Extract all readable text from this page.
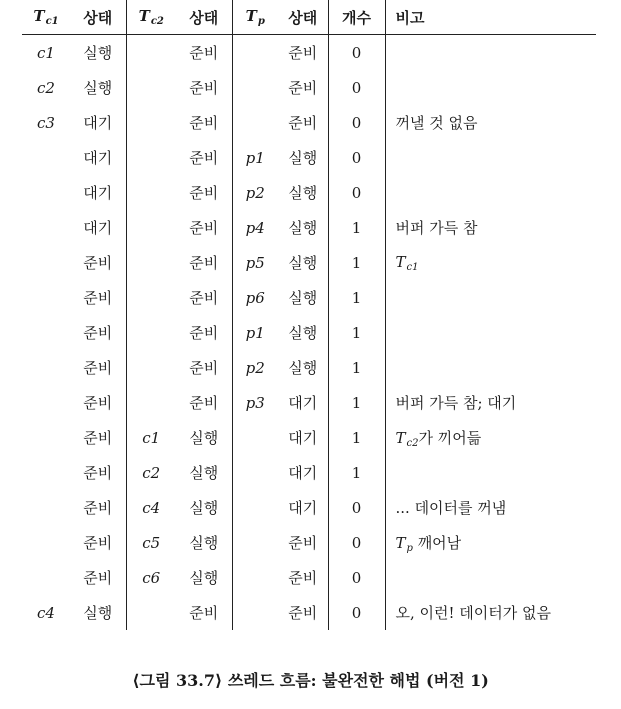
$T_{c1}$	상태	$T_{c2}$	상태	$T_p$	상태	개수	비고
c1	실행		준비		준비	0	
c2	실행		준비		준비	0	
c3	대기		준비		준비	0	꺼낼 것 없음
	대기		준비	p1	실행	0	
	대기		준비	p2	실행	0	
	대기		준비	p4	실행	1	버퍼 가득 참
	준비		준비	p5	실행	1	$T_{c1}$
	준비		준비	p6	실행	1	
	준비		준비	p1	실행	1	
	준비		준비	p2	실행	1	
	준비		준비	p3	대기	1	버퍼 가득 참; 대기
	준비	c1	실행		대기	1	$T_{c2}$가 끼어듦
	준비	c2	실행		대기	1	
	준비	c4	실행		대기	0	... 데이터를 꺼냄
	준비	c5	실행		준비	0	$T_p$ 깨어남
	준비	c6	실행		준비	0	
c4	실행		준비		준비	0	오, 이런! 데이터가 없음
⟨그림 33.7⟩ 쓰레드 흐름: 불완전한 해법 (버전 1)
